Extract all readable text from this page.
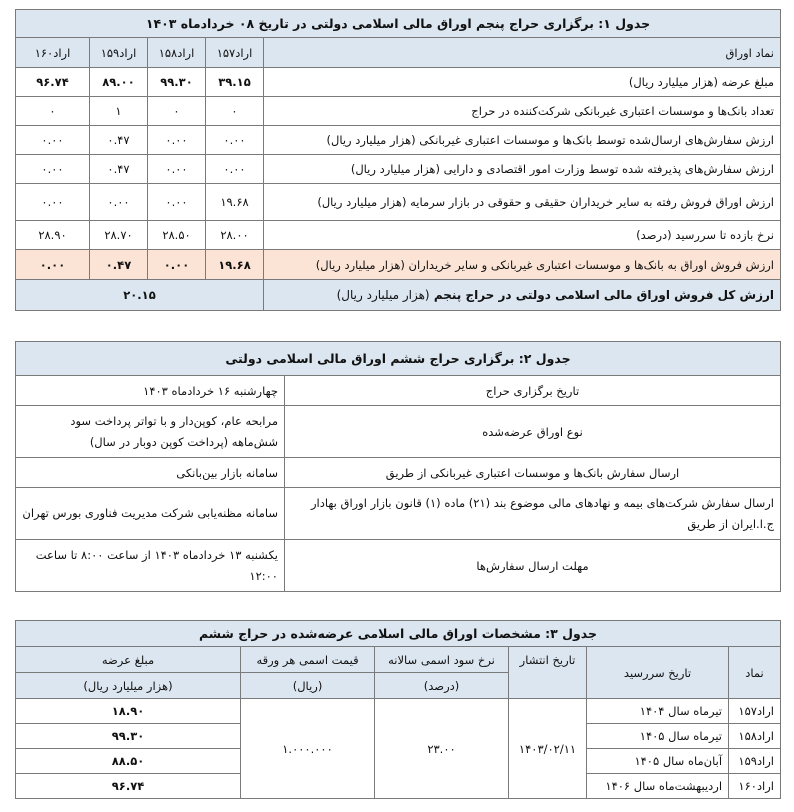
جدول ۱: برگزاری حراج پنجم اوراق مالی اسلامی دولتی در تاریخ ۰۸ خردادماه ۱۴۰۳				
نماد اوراق	اراد۱۵۷	اراد۱۵۸	اراد۱۵۹	اراد۱۶۰
مبلغ عرضه (هزار میلیارد ریال)	۳۹.۱۵	۹۹.۳۰	۸۹.۰۰	۹۶.۷۴
تعداد بانک‌ها و موسسات اعتباری غیربانکی شرکت‌کننده در حراج	۰	۰	۱	۰
ارزش سفارش‌های ارسال‌شده توسط بانک‌ها و موسسات اعتباری غیربانکی (هزار میلیارد ریال)	۰.۰۰	۰.۰۰	۰.۴۷	۰.۰۰
ارزش سفارش‌های پذیرفته شده توسط وزارت امور اقتصادی و دارایی (هزار میلیارد ریال)	۰.۰۰	۰.۰۰	۰.۴۷	۰.۰۰
ارزش اوراق فروش رفته به سایر خریداران حقیقی و حقوقی در بازار سرمایه (هزار میلیارد ریال)	۱۹.۶۸	۰.۰۰	۰.۰۰	۰.۰۰
نرخ بازده تا سررسید (درصد)	۲۸.۰۰	۲۸.۵۰	۲۸.۷۰	۲۸.۹۰
ارزش فروش اوراق به بانک‌ها و موسسات اعتباری غیربانکی و سایر خریداران (هزار میلیارد ریال)	۱۹.۶۸	۰.۰۰	۰.۴۷	۰.۰۰
ارزش کل فروش اوراق مالی اسلامی دولتی در حراج پنجم (هزار میلیارد ریال)	۲۰.۱۵			
جدول ۲: برگزاری حراج ششم اوراق مالی اسلامی دولتی	
تاریخ برگزاری حراج	چهارشنبه ۱۶ خردادماه ۱۴۰۳
نوع اوراق عرضه‌شده	مرابحه عام، کوپن‌دار و با تواتر پرداخت سود شش‌ماهه (پرداخت کوپن دوبار در سال)
ارسال سفارش بانک‌ها و موسسات اعتباری غیربانکی از طریق	سامانه بازار بین‌بانکی
ارسال سفارش شرکت‌های بیمه و نهادهای مالی موضوع بند (۲۱) ماده (۱) قانون بازار اوراق بهادار ج.ا.ایران از طریق	سامانه مظنه‌یابی شرکت مدیریت فناوری بورس تهران
مهلت ارسال سفارش‌ها	یکشنبه ۱۳ خردادماه ۱۴۰۳ از ساعت ۸:۰۰ تا ساعت ۱۲:۰۰
جدول ۳: مشخصات اوراق مالی اسلامی عرضه‌شده در حراج ششم					
نماد	تاریخ سررسید	تاریخ انتشار	نرخ سود اسمی سالانه	قیمت اسمی هر ورقه	مبلغ عرضه
			(درصد)	(ریال)	(هزار میلیارد ریال)
اراد۱۵۷	تیرماه سال ۱۴۰۴	۱۴۰۳/۰۲/۱۱	۲۳.۰۰	۱.۰۰۰.۰۰۰	۱۸.۹۰
اراد۱۵۸	تیرماه سال ۱۴۰۵				۹۹.۳۰
اراد۱۵۹	آبان‌ماه سال ۱۴۰۵				۸۸.۵۰
اراد۱۶۰	اردیبهشت‌ماه سال ۱۴۰۶				۹۶.۷۴
